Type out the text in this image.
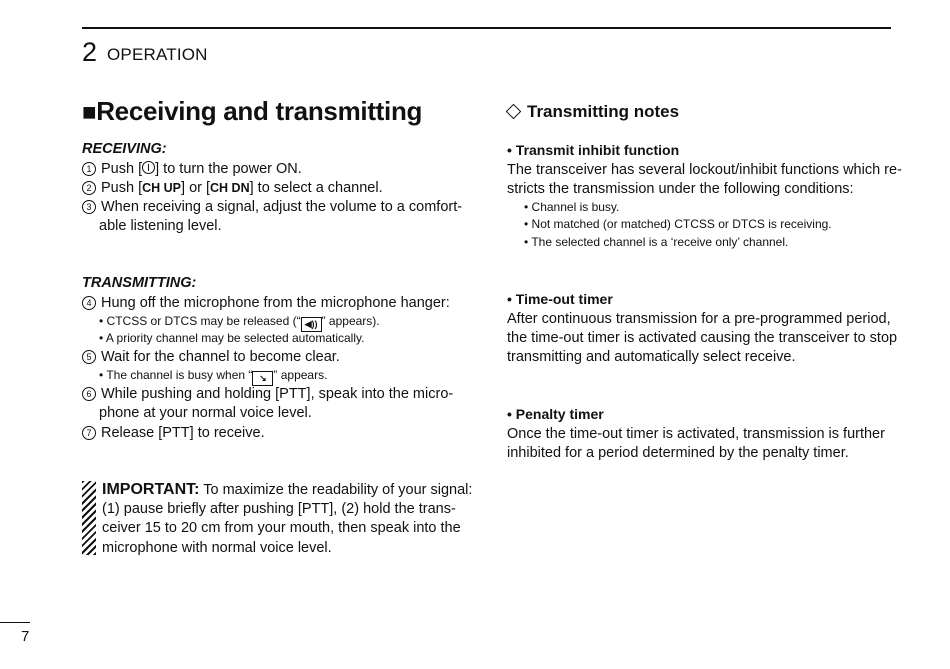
2 OPERATION
■Receiving and transmitting
RECEIVING:
1 Push [ ] to turn the power ON.
2 Push [CH UP] or [CH DN] to select a channel.
3 When receiving a signal, adjust the volume to a comfort-
able listening level.
TRANSMITTING:
4 Hung off the microphone from the microphone hanger:
• CTCSS or DTCS may be released (“ ◀)) ” appears).
• A priority channel may be selected automatically.
5 Wait for the channel to become clear.
• The channel is busy when “ ↘ ” appears.
6 While pushing and holding [PTT], speak into the micro-
phone at your normal voice level.
7 Release [PTT] to receive.
IMPORTANT: To maximize the readability of your signal:
(1) pause briefly after pushing [PTT], (2) hold the trans-
ceiver 15 to 20 cm from your mouth, then speak into the
microphone with normal voice level.
Transmitting notes
• Transmit inhibit function
The transceiver has several lockout/inhibit functions which re-
stricts the transmission under the following conditions:
• Channel is busy.
• Not matched (or matched) CTCSS or DTCS is receiving.
• The selected channel is a ‘receive only’ channel.
• Time-out timer
After continuous transmission for a pre-programmed period,
the time-out timer is activated causing the transceiver to stop
transmitting and automatically select receive.
• Penalty timer
Once the time-out timer is activated, transmission is further
inhibited for a period determined by the penalty timer.
7
